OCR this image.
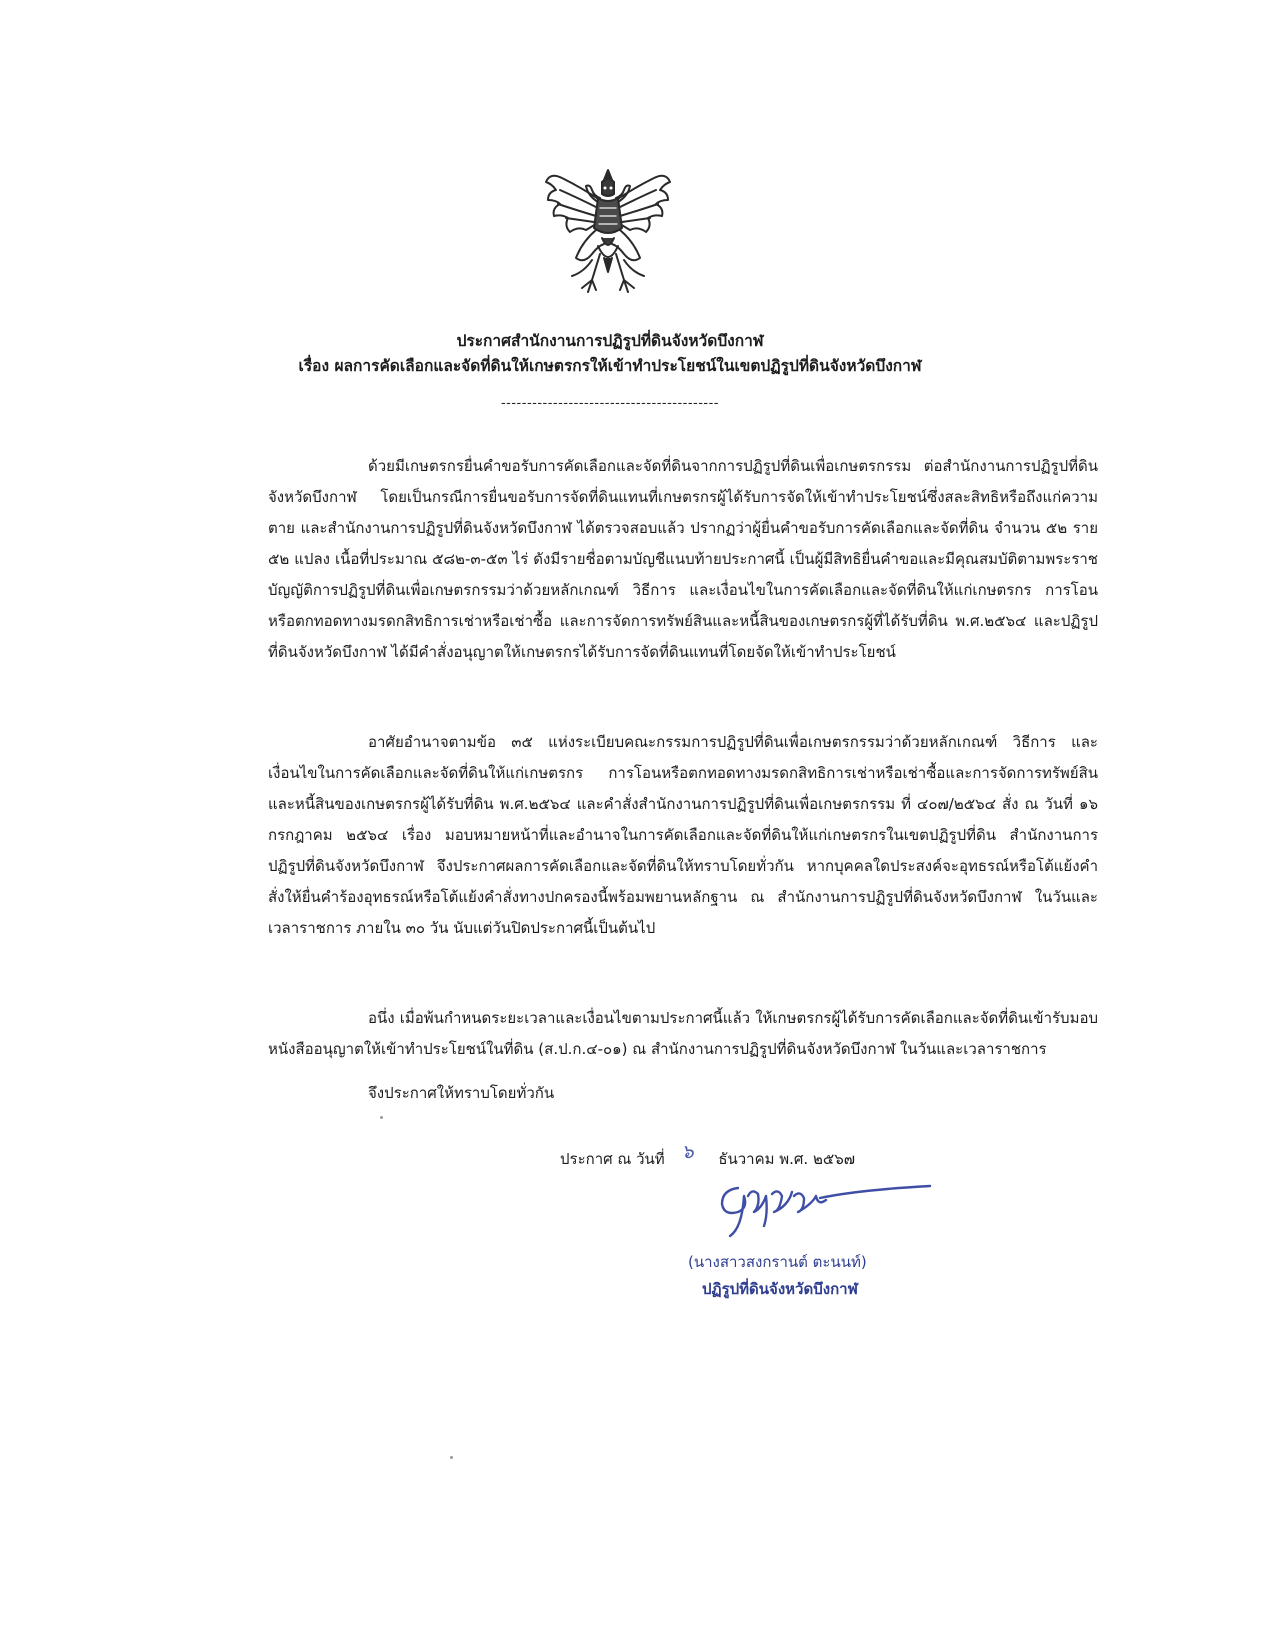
ประกาศสำนักงานการปฏิรูปที่ดินจังหวัดบึงกาฬ
เรื่อง ผลการคัดเลือกและจัดที่ดินให้เกษตรกรให้เข้าทำประโยชน์ในเขตปฏิรูปที่ดินจังหวัดบึงกาฬ
------------------------------------------

ด้วยมีเกษตรกรยื่นคำขอรับการคัดเลือกและจัดที่ดินจากการปฏิรูปที่ดินเพื่อเกษตรกรรม ต่อสำนักงานการปฏิรูปที่ดินจังหวัดบึงกาฬ โดยเป็นกรณีการยื่นขอรับการจัดที่ดินแทนที่เกษตรกรผู้ได้รับการจัดให้เข้าทำประโยชน์ซึ่งสละสิทธิหรือถึงแก่ความตาย และสำนักงานการปฏิรูปที่ดินจังหวัดบึงกาฬ ได้ตรวจสอบแล้ว ปรากฏว่าผู้ยื่นคำขอรับการคัดเลือกและจัดที่ดิน จำนวน ๕๒ ราย ๕๒ แปลง เนื้อที่ประมาณ ๕๘๒-๓-๕๓ ไร่ ดังมีรายชื่อตามบัญชีแนบท้ายประกาศนี้ เป็นผู้มีสิทธิยื่นคำขอและมีคุณสมบัติตามพระราชบัญญัติการปฏิรูปที่ดินเพื่อเกษตรกรรมว่าด้วยหลักเกณฑ์ วิธีการ และเงื่อนไขในการคัดเลือกและจัดที่ดินให้แก่เกษตรกร การโอนหรือตกทอดทางมรดกสิทธิการเช่าหรือเช่าซื้อ และการจัดการทรัพย์สินและหนี้สินของเกษตรกรผู้ที่ได้รับที่ดิน พ.ศ.๒๕๖๔ และปฏิรูปที่ดินจังหวัดบึงกาฬ ได้มีคำสั่งอนุญาตให้เกษตรกรได้รับการจัดที่ดินแทนที่โดยจัดให้เข้าทำประโยชน์

อาศัยอำนาจตามข้อ ๓๕ แห่งระเบียบคณะกรรมการปฏิรูปที่ดินเพื่อเกษตรกรรมว่าด้วยหลักเกณฑ์ วิธีการ และเงื่อนไขในการคัดเลือกและจัดที่ดินให้แก่เกษตรกร การโอนหรือตกทอดทางมรดกสิทธิการเช่าหรือเช่าซื้อและการจัดการทรัพย์สินและหนี้สินของเกษตรกรผู้ได้รับที่ดิน พ.ศ.๒๕๖๔ และคำสั่งสำนักงานการปฏิรูปที่ดินเพื่อเกษตรกรรม ที่ ๔๐๗/๒๕๖๔ สั่ง ณ วันที่ ๑๖ กรกฎาคม ๒๕๖๔ เรื่อง มอบหมายหน้าที่และอำนาจในการคัดเลือกและจัดที่ดินให้แก่เกษตรกรในเขตปฏิรูปที่ดิน สำนักงานการปฏิรูปที่ดินจังหวัดบึงกาฬ จึงประกาศผลการคัดเลือกและจัดที่ดินให้ทราบโดยทั่วกัน หากบุคคลใดประสงค์จะอุทธรณ์หรือโต้แย้งคำสั่งให้ยื่นคำร้องอุทธรณ์หรือโต้แย้งคำสั่งทางปกครองนี้พร้อมพยานหลักฐาน ณ สำนักงานการปฏิรูปที่ดินจังหวัดบึงกาฬ ในวันและเวลาราชการ ภายใน ๓๐ วัน นับแต่วันปิดประกาศนี้เป็นต้นไป

อนึ่ง เมื่อพ้นกำหนดระยะเวลาและเงื่อนไขตามประกาศนี้แล้ว ให้เกษตรกรผู้ได้รับการคัดเลือกและจัดที่ดินเข้ารับมอบหนังสืออนุญาตให้เข้าทำประโยชน์ในที่ดิน (ส.ป.ก.๔-๐๑) ณ สำนักงานการปฏิรูปที่ดินจังหวัดบึงกาฬ ในวันและเวลาราชการ

จึงประกาศให้ทราบโดยทั่วกัน
ประกาศ ณ วันที่ ๖ ธันวาคม พ.ศ. ๒๕๖๗
(นางสาวสงกรานต์ ตะนนท์)
ปฏิรูปที่ดินจังหวัดบึงกาฬ
